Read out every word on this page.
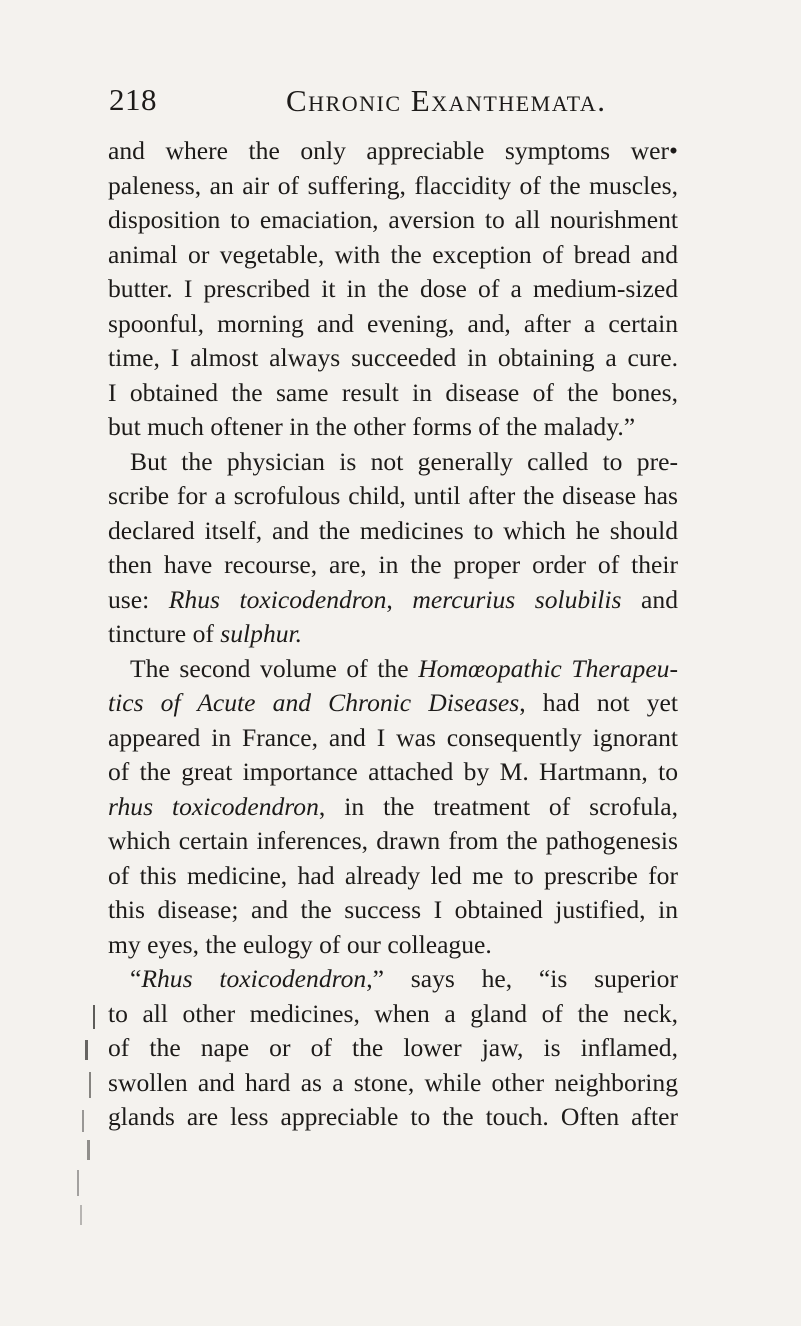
218	Chronic Exanthemata.
and where the only appreciable symptoms wer•
paleness, an air of suffering, flaccidity of the muscles,
disposition to emaciation, aversion to all nourishment
animal or vegetable, with the exception of bread and
butter. I prescribed it in the dose of a medium-sized
spoonful, morning and evening, and, after a certain
time, I almost always succeeded in obtaining a cure.
I obtained the same result in disease of the bones,
but much oftener in the other forms of the malady.”
But the physician is not generally called to pre-
scribe for a scrofulous child, until after the disease has
declared itself, and the medicines to which he should
then have recourse, are, in the proper order of their
use: Rhus toxicodendron, mercurius solubilis and
tincture of sulphur.
The second volume of the Homœopathic Therapeu-
tics of Acute and Chronic Diseases, had not yet
appeared in France, and I was consequently ignorant
of the great importance attached by M. Hartmann, to
rhus toxicodendron, in the treatment of scrofula,
which certain inferences, drawn from the pathogenesis
of this medicine, had already led me to prescribe for
this disease; and the success I obtained justified, in
my eyes, the eulogy of our colleague.
“Rhus toxicodendron,” says he, “is superior
to all other medicines, when a gland of the neck,
of the nape or of the lower jaw, is inflamed,
swollen and hard as a stone, while other neighboring
glands are less appreciable to the touch. Often after
